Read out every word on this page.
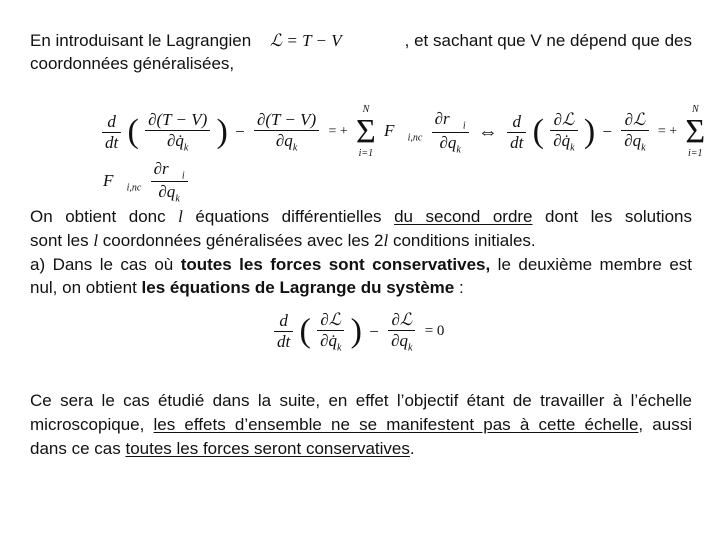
En introduisant le Lagrangien ℒ = T − V	, et sachant que V ne dépend que des
coordonnées généralisées,
$\frac{d}{dt}$ ( $\frac{\partial(T - V)}{\partial q̇_k}$ ) − $\frac{\partial(T - V)}{\partial q_k}$ = +
N
Σ
i=1
$F⃗_{i,nc} \frac{\partial r⃗_i}{\partial q_k}$ ⇔ $\frac{d}{dt}$ ( $\frac{\text{∂ℒ}}{\partial q̇_k}$ ) − $\frac{\text{∂ℒ}}{\partial q_k}$ = +
N
Σ
i=1
$F⃗_{i,nc} \frac{\partial r⃗_i}{\partial q_k}$
On obtient donc l équations différentielles du second ordre dont les solutions
sont les l coordonnées généralisées avec les 2l conditions initiales.
a) Dans le cas où toutes les forces sont conservatives, le deuxième membre est
nul, on obtient les équations de Lagrange du système :
$\frac{d}{dt}$ ( $\frac{\text{∂ℒ}}{\partial q̇_k}$ ) − $\frac{\text{∂ℒ}}{\partial q_k} = 0$
Ce sera le cas étudié dans la suite, en effet l’objectif étant de travailler à l’échelle
microscopique, les effets d’ensemble ne se manifestent pas à cette échelle, aussi
dans ce cas toutes les forces seront conservatives.
